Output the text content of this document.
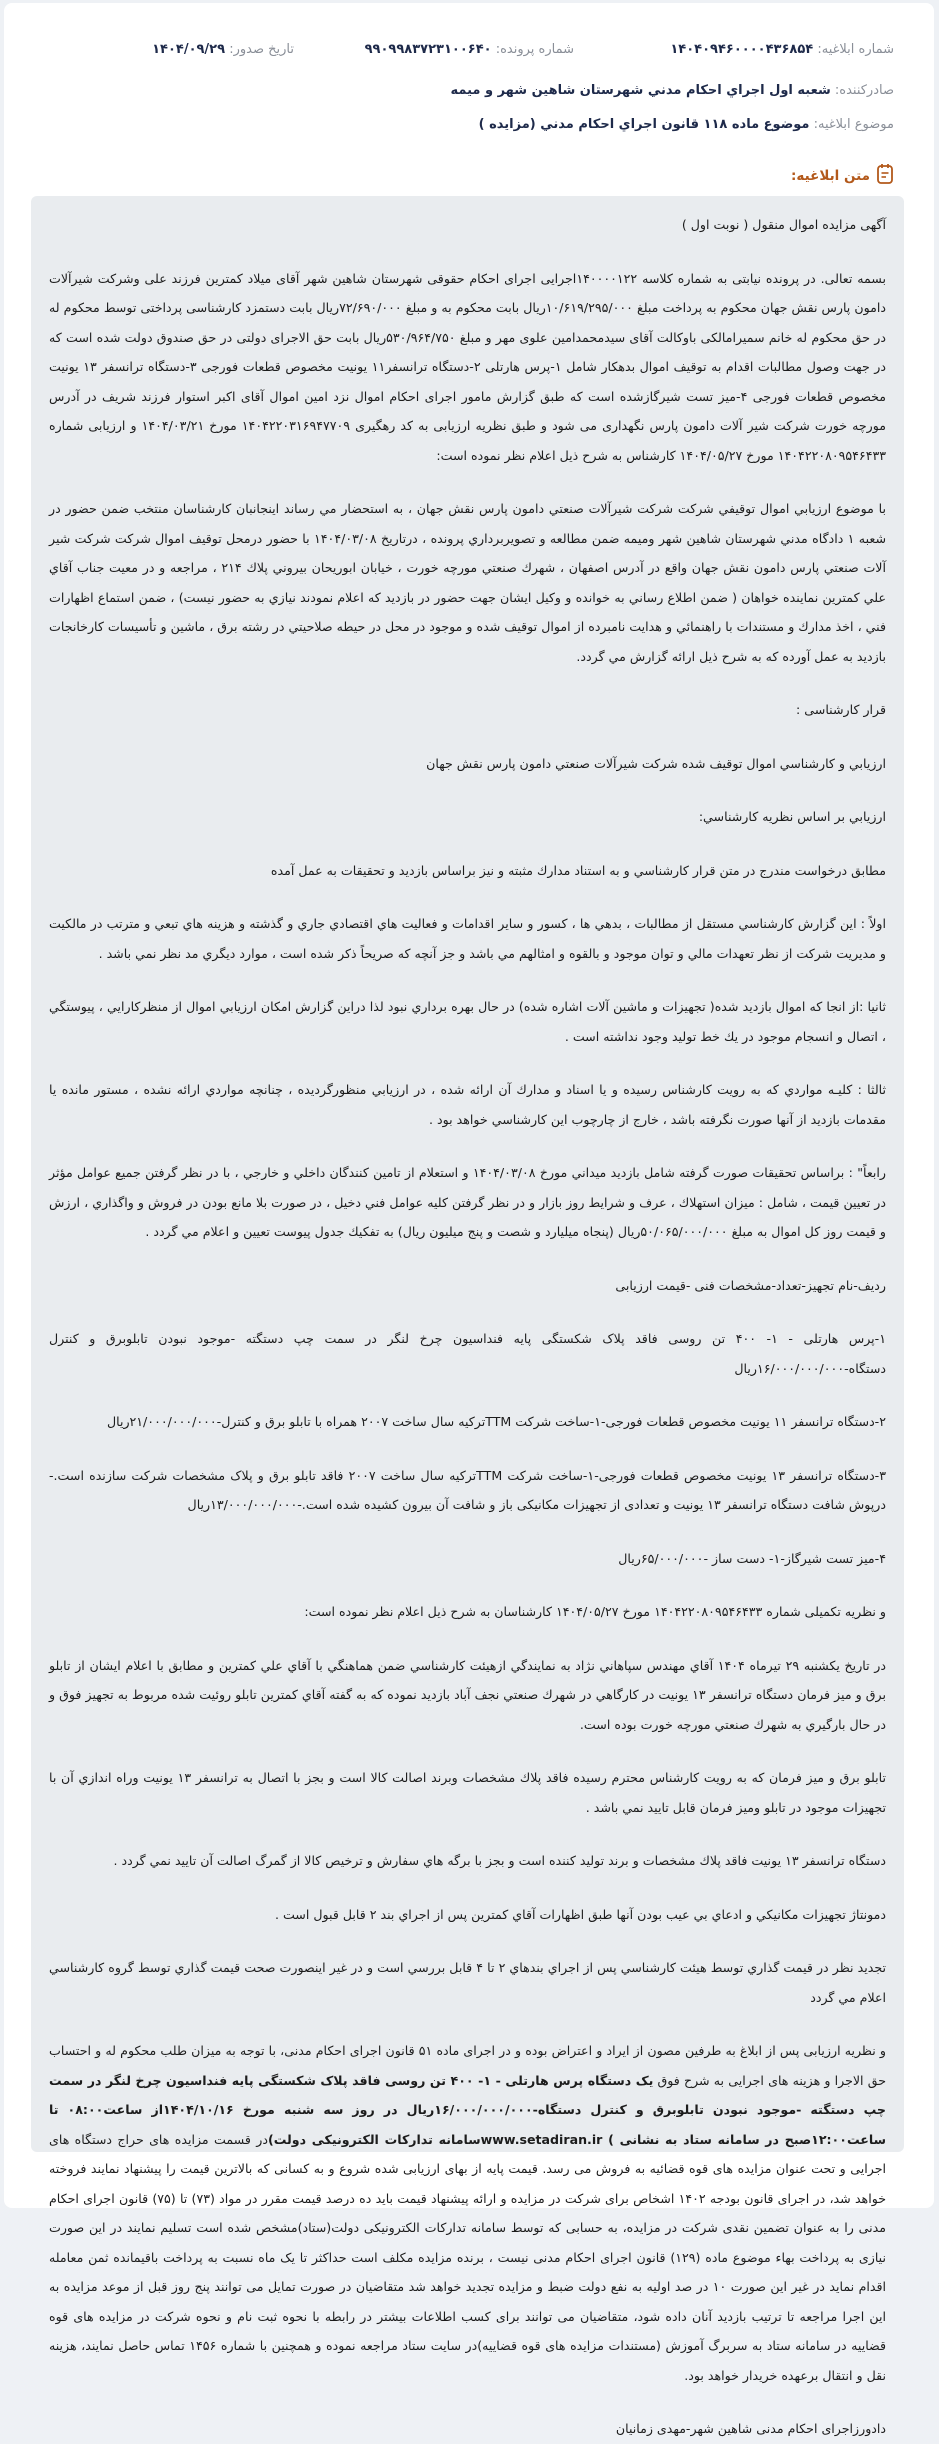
شماره ابلاغیه: ۱۴۰۴۰۹۴۶۰۰۰۰۴۳۶۸۵۴
شماره پرونده: ۹۹۰۹۹۸۳۷۲۳۱۰۰۶۴۰
تاریخ صدور: ۱۴۰۴/۰۹/۲۹
صادرکننده:

شعبه اول اجراي احكام مدني شهرستان شاهين شهر و ميمه
موضوع ابلاغیه:

موضوع ماده ۱۱۸ قانون اجراي احكام مدني (مزايده )
متن ابلاغیه:

آگهی مزایده اموال منقول ( نوبت اول )

بسمه تعالی. در پرونده نیابتی به شماره کلاسه ۱۴۰۰۰۰۱۲۲اجرایی اجرای احکام حقوقی شهرستان شاهین شهر آقای میلاد کمترین فرزند علی وشرکت شیرآلات دامون پارس نقش جهان محکوم به پرداخت مبلغ ۱۰/۶۱۹/۲۹۵/۰۰۰ریال بابت محکوم به و مبلغ ۷۲/۶۹۰/۰۰۰ریال بابت دستمزد کارشناسی پرداختی توسط محکوم له در حق محکوم له خانم سمیرامالکی باوکالت آقای سیدمحمدامین علوی مهر و مبلغ ۵۳۰/۹۶۴/۷۵۰ریال بابت حق الاجرای دولتی در حق صندوق دولت شده است که در جهت وصول مطالبات اقدام به توقیف اموال بدهکار شامل ۱-پرس هارتلی ۲-دستگاه ترانسفر۱۱ یونیت مخصوص قطعات فورجی ۳-دستگاه ترانسفر ۱۳ یونیت مخصوص قطعات فورجی ۴-میز تست شیرگازشده است که طبق گزارش مامور اجرای احکام اموال نزد امین اموال آقای اکبر استوار فرزند شریف در آدرس مورچه خورت شرکت شیر آلات دامون پارس نگهداری می شود و طبق نظریه ارزیابی به کد رهگیری ۱۴۰۴۲۲۰۳۱۶۹۴۷۷۰۹ مورخ ۱۴۰۴/۰۳/۲۱ و ارزیابی شماره ۱۴۰۴۲۲۰۸۰۹۵۴۶۴۳۳ مورخ ۱۴۰۴/۰۵/۲۷ کارشناس به شرح ذیل اعلام نظر نموده است:

با موضوع ارزيابي اموال توقيفي شركت شركت شيرآلات صنعتي دامون پارس نقش جهان ، به استحضار مي رساند اينجانبان كارشناسان منتخب ضمن حضور در شعبه ۱ دادگاه مدني شهرستان شاهين شهر وميمه ضمن مطالعه و تصويربرداري پرونده ، درتاريخ ۱۴۰۴/۰۳/۰۸ با حضور درمحل توقيف اموال شركت شركت شير آلات صنعتي پارس دامون نقش جهان واقع در آدرس اصفهان ، شهرك صنعتي مورچه خورت ، خيابان ابوريحان بيروني پلاك ۲۱۴ ، مراجعه و در معيت جناب آقاي علي كمترين نماينده خواهان ( ضمن اطلاع رساني به خوانده و وكيل ايشان جهت حضور در بازديد كه اعلام نمودند نيازي به حضور نيست) ، ضمن استماع اظهارات فني ، اخذ مدارك و مستندات با راهنمائي و هدايت نامبرده از اموال توقيف شده و موجود در محل در حيطه صلاحيتي در رشته برق ، ماشين و تأسيسات كارخانجات بازديد به عمل آورده كه به شرح ذيل ارائه گزارش مي گردد.

قرار کارشناسی :

ارزيابي و كارشناسي اموال توقيف شده شركت شيرآلات صنعتي دامون پارس نقش جهان

ارزيابي بر اساس نظريه كارشناسي:

مطابق درخواست مندرج در متن قرار كارشناسي و به استناد مدارك مثبته و نيز براساس بازديد و تحقيقات به عمل آمده

اولاً : اين گزارش كارشناسي مستقل از مطالبات ، بدهي ها ، كسور و ساير اقدامات و فعاليت هاي اقتصادي جاري و گذشته و هزينه هاي تبعي و مترتب در مالكيت و مديريت شركت از نظر تعهدات مالي و توان موجود و بالقوه و امثالهم مي باشد و جز آنچه كه صريحاً ذكر شده است ، موارد ديگري مد نظر نمي باشد .

ثانيا :از انجا كه اموال بازديد شده( تجهيزات و ماشين آلات اشاره شده) در حال بهره برداري نبود لذا دراين گزارش امكان ارزيابي اموال از منظركارايي ، پيوستگي ، اتصال و انسجام موجود در يك خط توليد وجود نداشته است .

ثالثا : كليـه مواردي كه به رويت كارشناس رسيده و يا اسناد و مدارك آن ارائه شده ، در ارزيابي منظورگرديده ، چنانچه مواردي ارائه نشده ، مستور مانده يا مقدمات بازديد از آنها صورت نگرفته باشد ، خارج از چارچوب اين كارشناسي خواهد بود .

رابعاً" : براساس تحقيقات صورت گرفته شامل بازديد ميداني مورخ ۱۴۰۴/۰۳/۰۸ و استعلام از تامين كنندگان داخلي و خارجي ، با در نظر گرفتن جميع عوامل مؤثر در تعيين قيمت ، شامل : ميزان استهلاك ، عرف و شرايط روز بازار و در نظر گرفتن كليه عوامل فني دخيل ، در صورت بلا مانع بودن در فروش و واگذاري ، ارزش و قيمت روز كل اموال به مبلغ ۵۰/۰۶۵/۰۰۰/۰۰۰ريال (پنجاه ميليارد و شصت و پنج ميليون ريال) به تفكيك جدول پيوست تعيين و اعلام مي گردد .

رديف-نام تجهيز-تعداد-مشخصات فنی -قيمت ارزيابی

۱-پرس هارتلی - ۱- ۴۰۰ تن روسی فاقد پلاک شکستگی پايه فنداسيون چرخ لنگر در سمت چپ دستگته -موجود نبودن تابلوبرق و کنترل دستگاه-۱۶/۰۰۰/۰۰۰/۰۰۰ريال

۲-دستگاه ترانسفر ۱۱ يونيت مخصوص قطعات فورجی-۱-ساخت شرکت TTMترکيه سال ساخت ۲۰۰۷ همراه با تابلو برق و کنترل-۲۱/۰۰۰/۰۰۰/۰۰۰ريال

۳-دستگاه ترانسفر ۱۳ يونيت مخصوص قطعات فورجی-۱-ساخت شرکت TTMترکيه سال ساخت ۲۰۰۷ فاقد تابلو برق و پلاک مشخصات شرکت سازنده است.-درپوش شافت دستگاه ترانسفر ۱۳ يونيت و تعدادی از تجهيزات مکانيکی باز و شافت آن بيرون کشيده شده است.-۱۳/۰۰۰/۰۰۰/۰۰۰ريال

۴-ميز تست شيرگاز-۱- دست ساز -۶۵/۰۰۰/۰۰۰ريال

و نظريه تکميلی شماره ۱۴۰۴۲۲۰۸۰۹۵۴۶۴۳۳ مورخ ۱۴۰۴/۰۵/۲۷ کارشناسان به شرح ذيل اعلام نظر نموده است:

در تاريخ يكشنبه ۲۹ تيرماه ۱۴۰۴ آقاي مهندس سپاهاني نژاد به نمايندگي ازهيئت كارشناسي ضمن هماهنگي با آقاي علي كمترين و مطابق با اعلام ايشان از تابلو برق و ميز فرمان دستگاه ترانسفر ۱۳ يونيت در كارگاهي در شهرك صنعتي نجف آباد بازديد نموده كه به گفته آقاي كمترين تابلو روئيت شده مربوط به تجهيز فوق و در حال بارگيري به شهرك صنعتي مورچه خورت بوده است.

تابلو برق و ميز فرمان كه به رويت كارشناس محترم رسيده فاقد پلاك مشخصات وبرند اصالت كالا است و بجز با اتصال به ترانسفر ۱۳ يونيت وراه اندازي آن با تجهيزات موجود در تابلو وميز فرمان قابل تاييد نمي باشد .

دستگاه ترانسفر ۱۳ يونيت فاقد پلاك مشخصات و برند توليد كننده است و بجز با برگه هاي سفارش و ترخيص كالا از گمرگ اصالت آن تاييد نمي گردد .

دمونتاژ تجهيزات مكانيكي و ادعاي بي عيب بودن آنها طبق اظهارات آقاي كمترين پس از اجراي بند ۲ قابل قبول است .

تجديد نظر در قيمت گذاري توسط هيئت كارشناسي پس از اجراي بندهاي ۲ تا ۴ قابل بررسي است و در غير اينصورت صحت قيمت گذاري توسط گروه كارشناسي اعلام مي گردد

و نظریه ارزیابی پس از ابلاغ به طرفین مصون از ایراد و اعتراض بوده و در اجرای ماده ۵۱ قانون اجرای احکام مدنی، با توجه به میزان طلب محکوم له و احتساب حق الاجرا و هزینه های اجرایی به شرح فوق یک دستگاه پرس هارتلی - ۱- ۴۰۰ تن روسی فاقد پلاک شکستگی پایه فنداسیون چرخ لنگر در سمت چپ دستگته -موجود نبودن تابلوبرق و کنترل دستگاه-۱۶/۰۰۰/۰۰۰/۰۰۰ریال در روز سه شنبه مورخ ۱۴۰۴/۱۰/۱۶از ساعت۰۸:۰۰ تا ساعت۱۲:۰۰صبح در سامانه ستاد به نشانی ) www.setadiran.irسامانه تدارکات الکترونیکی دولت)در قسمت مزایده های حراج دستگاه های اجرایی و تحت عنوان مزایده های قوه قضائیه به فروش می رسد. قیمت پایه از بهای ارزیابی شده شروع و به کسانی که بالاترین قیمت را پیشنهاد نمایند فروخته خواهد شد، در اجرای قانون بودجه ۱۴۰۲ اشخاص برای شرکت در مزایده و ارائه پیشنهاد قیمت باید ده درصد قیمت مقرر در مواد (۷۳) تا (۷۵) قانون اجرای احکام مدنی را به عنوان تضمین نقدی شرکت در مزایده، به حسابی که توسط سامانه تدارکات الکترونیکی دولت(ستاد)مشخص شده است تسلیم نمایند در این صورت نیازی به پرداخت بهاء موضوع ماده (۱۲۹) قانون اجرای احکام مدنی نیست ، برنده مزایده مکلف است حداکثر تا یک ماه نسبت به پرداخت باقیمانده ثمن معامله اقدام نماید در غیر این صورت ۱۰ در صد اولیه به نفع دولت ضبط و مزایده تجدید خواهد شد متقاضیان در صورت تمایل می توانند پنج روز قبل از موعد مزایده به این اجرا مراجعه تا ترتیب بازدید آنان داده شود، متقاضیان می توانند برای کسب اطلاعات بیشتر در رابطه با نحوه ثبت نام و نحوه شرکت در مزایده های قوه قضاییه در سامانه ستاد به سربرگ آموزش (مستندات مزایده های قوه قضاییه)در سایت ستاد مراجعه نموده و همچنین با شماره ۱۴۵۶ تماس حاصل نمایند، هزینه نقل و انتقال برعهده خریدار خواهد بود.

دادورزاجرای احکام مدنی شاهین شهر-مهدی زمانیان
